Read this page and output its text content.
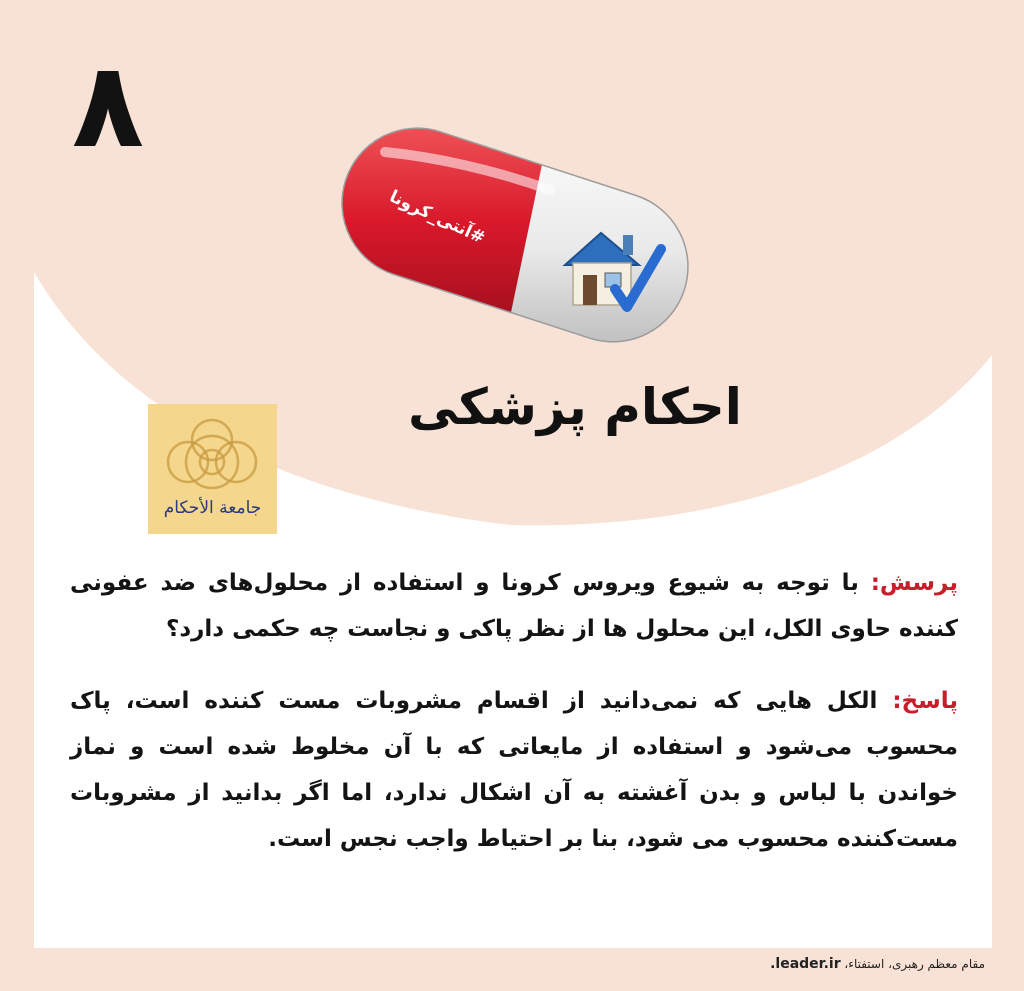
۸
#آنتی_کرونا
احکام پزشکی
جامعة الأحکام

پرسش: با توجه به شیوع ویروس کرونا و استفاده از محلول‌های ضد عفونی کننده حاوی الکل، این محلول ها از نظر پاکی و نجاست چه حکمی دارد؟

پاسخ: الکل هایی که نمی‌دانید از اقسام مشروبات مست کننده است، پاک محسوب می‌شود و استفاده از مایعاتی که با آن مخلوط شده است و نماز خواندن با لباس و بدن آغشته به آن اشکال ندارد، اما اگر بدانید از مشروبات مست‌کننده محسوب می شود، بنا بر احتیاط واجب نجس است.

مقام معظم رهبری، استفتاء، leader.ir.
